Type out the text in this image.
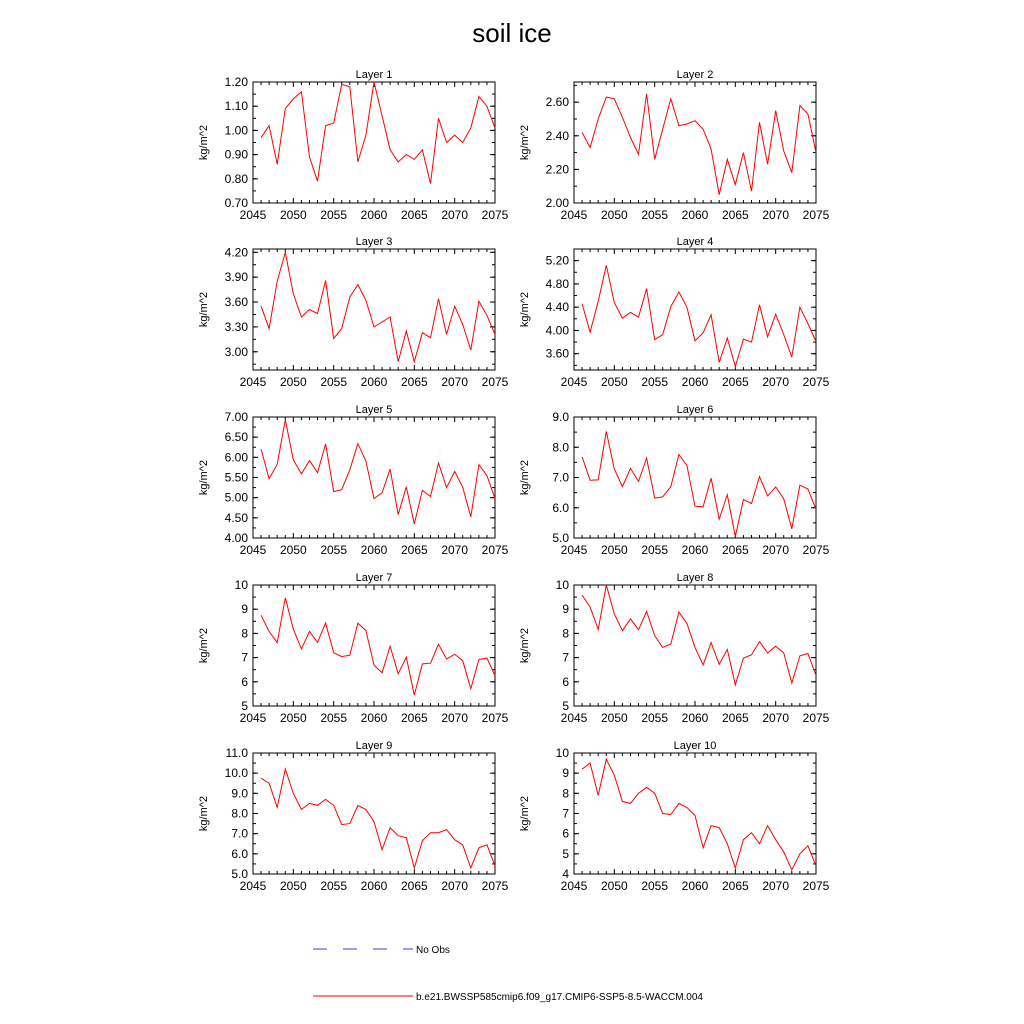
soil ice
Layer 1
kg/m^2
2045 2050 2055 2060 2065 2070 2075
0.70
0.80
0.90
1.00
1.10
1.20	Layer 2
kg/m^2
2045 2050 2055 2060 2065 2070 2075
2.00
2.20
2.40
2.60
Layer 3
kg/m^2
2045 2050 2055 2060 2065 2070 2075
3.00
3.30
3.60
3.90
4.20
Layer 4
kg/m^2
2045 2050 2055 2060 2065 2070 2075
3.60
4.00
4.40
4.80
5.20
Layer 5
kg/m^2
2045 2050 2055 2060 2065 2070 2075
4.00
4.50
5.00
5.50
6.00
6.50
7.00	Layer 6
kg/m^2
2045 2050 2055 2060 2065 2070 2075
5.0
6.0
7.0
8.0
9.0
Layer 7
kg/m^2
2045 2050 2055 2060 2065 2070 2075
5
6
7
8
9
10	Layer 8
kg/m^2
2045 2050 2055 2060 2065 2070 2075
5
6
7
8
9
10
Layer 9
kg/m^2
2045 2050 2055 2060 2065 2070 2075
5.0
6.0
7.0
8.0
9.0
10.0
11.0	Layer 10
kg/m^2
2045 2050 2055 2060 2065 2070 2075
4
5
6
7
8
9
10
No Obs
b.e21.BWSSP585cmip6.f09_g17.CMIP6-SSP5-8.5-WACCM.004
